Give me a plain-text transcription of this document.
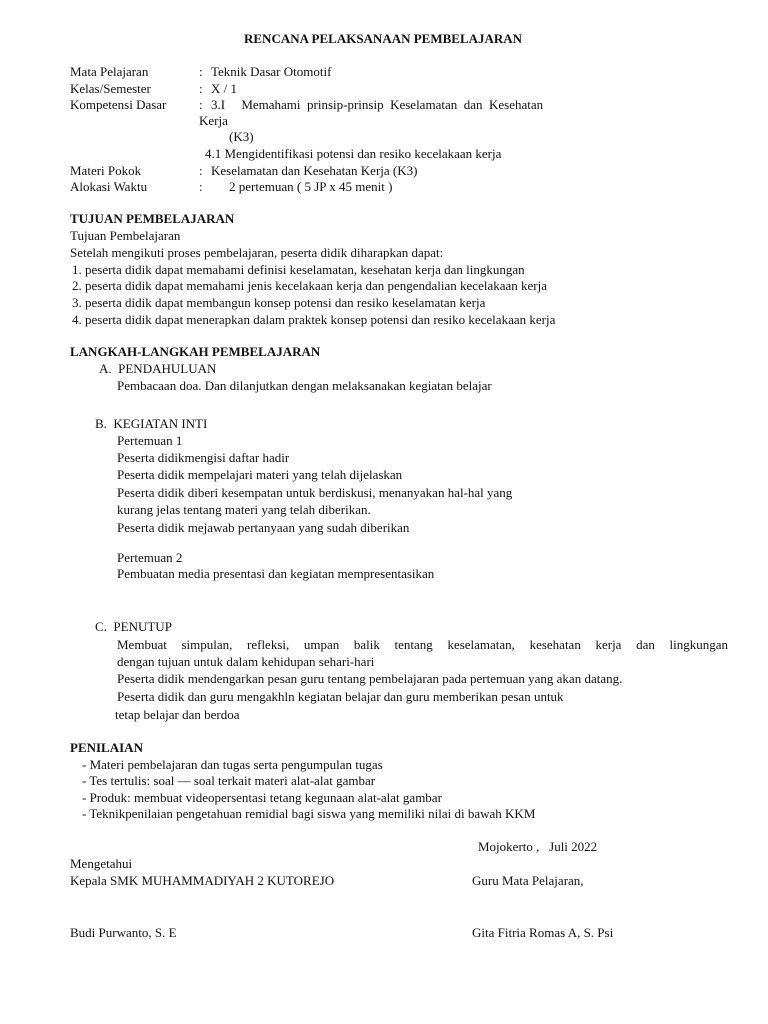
RENCANA PELAKSANAAN PEMBELAJARAN
Mata Pelajaran	: Teknik Dasar Otomotif
Kelas/Semester	: X / 1
Kompetensi Dasar	: 3.I     Memahami  prinsip-prinsip  Keselamatan  dan  Kesehatan
Kerja
(K3)
4.1 Mengidentifikasi potensi dan resiko kecelakaan kerja
Materi Pokok	: Keselamatan dan Kesehatan Kerja (K3)
Alokasi Waktu	: 2 pertemuan ( 5 JP x 45 menit )
TUJUAN PEMBELAJARAN
Tujuan Pembelajaran
Setelah mengikuti proses pembelajaran, peserta didik diharapkan dapat:
1. peserta didik dapat memahami definisi keselamatan, kesehatan kerja dan lingkungan
2. peserta didik dapat memahami jenis kecelakaan kerja dan pengendalian kecelakaan kerja
3. peserta didik dapat membangun konsep potensi dan resiko keselamatan kerja
4. peserta didik dapat menerapkan dalam praktek konsep potensi dan resiko kecelakaan kerja
LANGKAH-LANGKAH PEMBELAJARAN
A.  PENDAHULUAN
Pembacaan doa. Dan dilanjutkan dengan melaksanakan kegiatan belajar
B.  KEGIATAN INTI
Pertemuan 1
Peserta didikmengisi daftar hadir
Peserta didik mempelajari materi yang telah dijelaskan
Peserta didik diberi kesempatan untuk berdiskusi, menanyakan hal-hal yang
kurang jelas tentang materi yang telah diberikan.
Peserta didik mejawab pertanyaan yang sudah diberikan
Pertemuan 2
Pembuatan media presentasi dan kegiatan mempresentasikan
C.  PENUTUP
Membuat simpulan, refleksi, umpan balik tentang keselamatan, kesehatan kerja dan lingkungan
dengan tujuan untuk dalam kehidupan sehari-hari
Peserta didik mendengarkan pesan guru tentang pembelajaran pada pertemuan yang akan datang.
Peserta didik dan guru mengakhln kegiatan belajar dan guru memberikan pesan untuk
tetap belajar dan berdoa
PENILAIAN
- Materi pembelajaran dan tugas serta pengumpulan tugas
- Tes tertulis: soal — soal terkait materi alat-alat gambar
- Produk: membuat videopersentasi tetang kegunaan alat-alat gambar
- Teknikpenilaian pengetahuan remidial bagi siswa yang memiliki nilai di bawah KKM
Mojokerto ,   Juli 2022
Mengetahui
Kepala SMK MUHAMMADIYAH 2 KUTOREJO	Guru Mata Pelajaran,
Budi Purwanto, S. E	Gita Fitria Romas A, S. Psi
